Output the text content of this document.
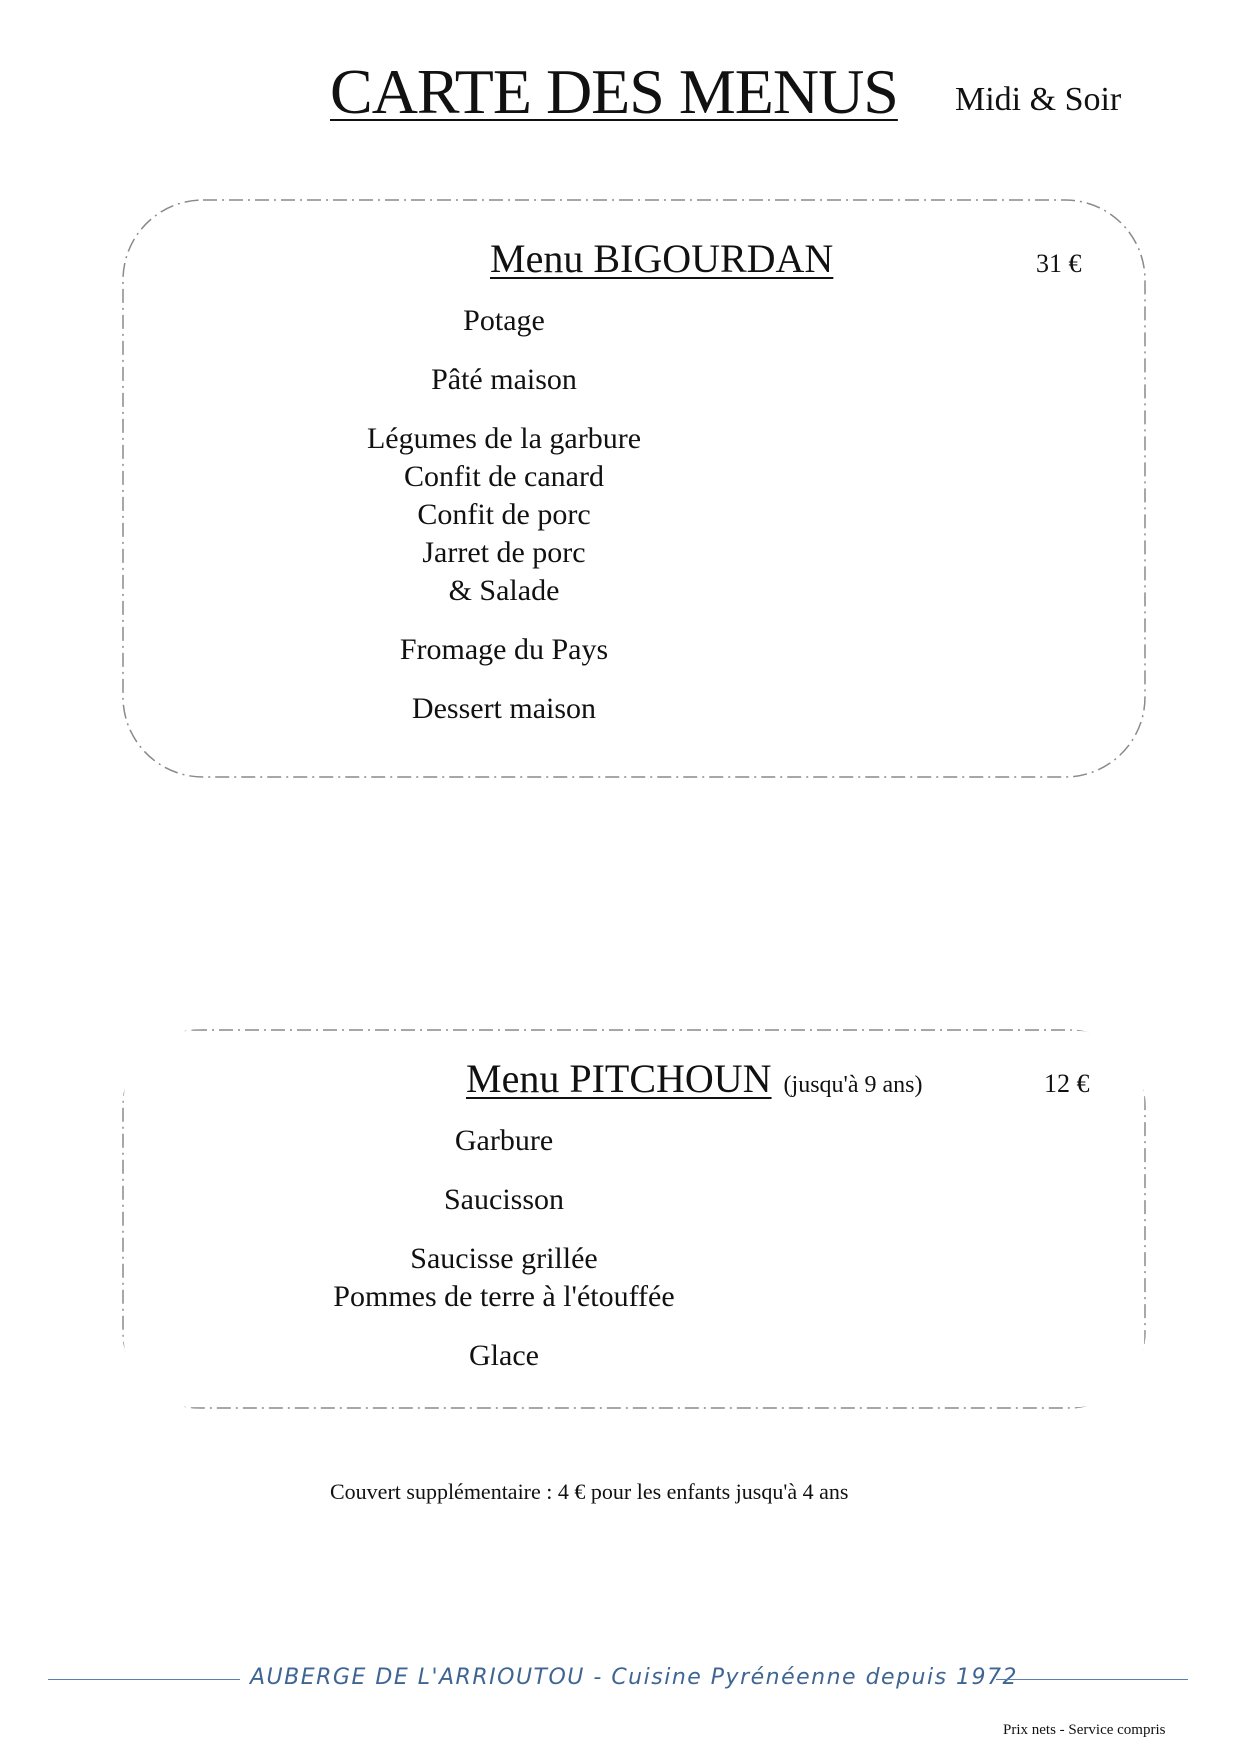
CARTE DES MENUS Midi & Soir
Menu BIGOURDAN	31 €
Potage
Pâté maison
Légumes de la garbure
Confit de canard
Confit de porc
Jarret de porc
& Salade
Fromage du Pays
Dessert maison
Menu PITCHOUN (jusqu'à 9 ans)	12 €
Garbure
Saucisson
Saucisse grillée
Pommes de terre à l'étouffée
Glace
Couvert supplémentaire : 4 € pour les enfants jusqu'à 4 ans
AUBERGE DE L'ARRIOUTOU - Cuisine Pyrénéenne depuis 1972
Prix nets - Service compris
